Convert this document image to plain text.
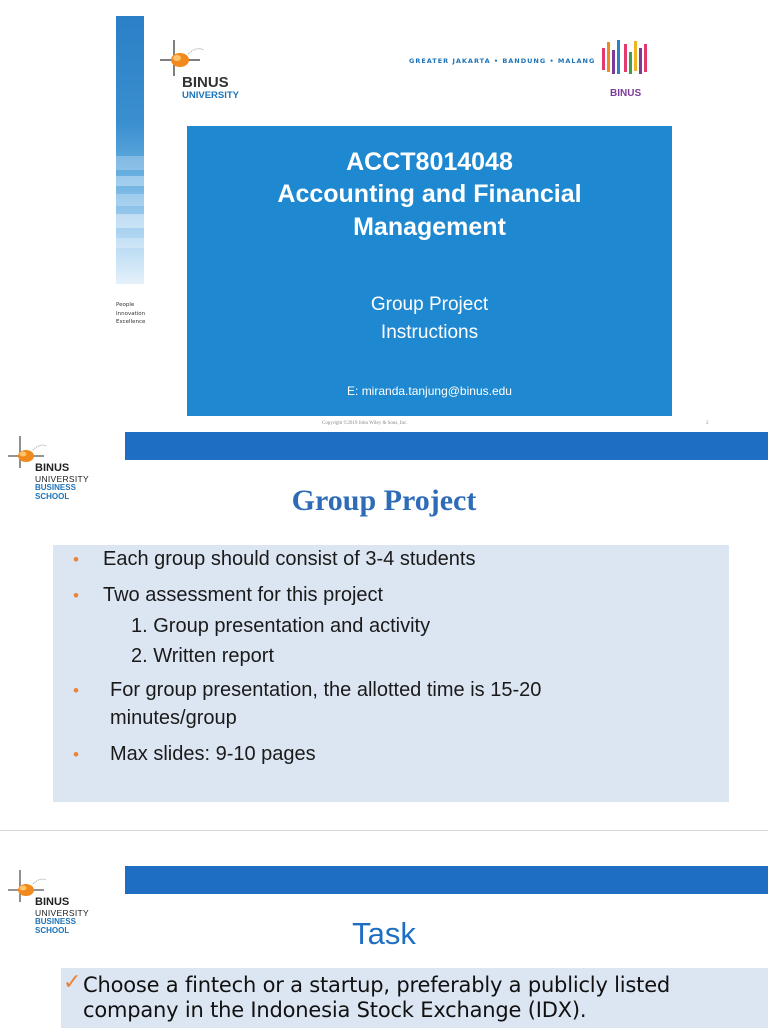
People
Innovation
Excellence
BINUS
UNIVERSITY
GREATER JAKARTA • BANDUNG • MALANG
BINUS
ACCT8014048
Accounting and Financial
Management
Group Project
Instructions
E: miranda.tanjung@binus.edu
BINUS
UNIVERSITY
BUSINESS
SCHOOL	Group Project
• Each group should consist of 3-4 students
• Two assessment for this project
1. Group presentation and activity
2. Written report
• For group presentation, the allotted time is 15-20
minutes/group
• Max slides: 9-10 pages
Copyright ©2019 John Wiley & Sons, Inc.	2
BINUS
UNIVERSITY
BUSINESS
SCHOOL	Task
✓ Choose a fintech or a startup, preferably a publicly listed
company in the Indonesia Stock Exchange (IDX).
